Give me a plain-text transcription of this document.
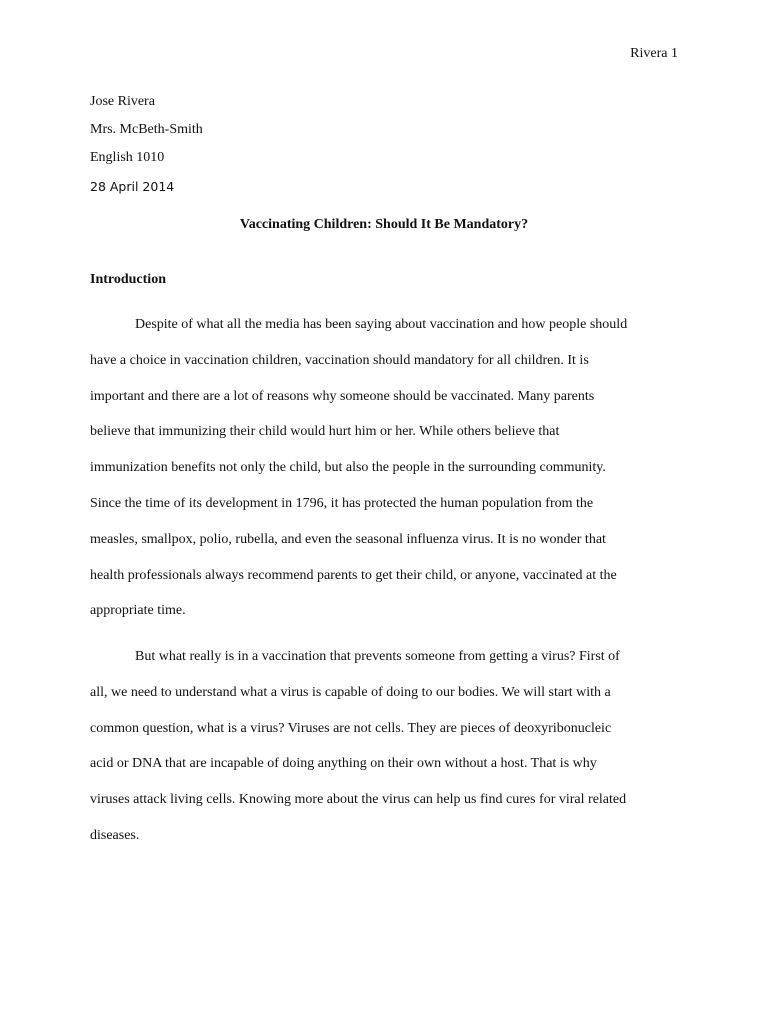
Rivera 1
Jose Rivera
Mrs. McBeth-Smith
English 1010
28 April 2014
Vaccinating Children: Should It Be Mandatory?
Introduction
Despite of what all the media has been saying about vaccination and how people should
have a choice in vaccination children, vaccination should mandatory for all children. It is
important and there are a lot of reasons why someone should be vaccinated. Many parents
believe that immunizing their child would hurt him or her. While others believe that
immunization benefits not only the child, but also the people in the surrounding community.
Since the time of its development in 1796, it has protected the human population from the
measles, smallpox, polio, rubella, and even the seasonal influenza virus. It is no wonder that
health professionals always recommend parents to get their child, or anyone, vaccinated at the
appropriate time.
But what really is in a vaccination that prevents someone from getting a virus? First of
all, we need to understand what a virus is capable of doing to our bodies. We will start with a
common question, what is a virus? Viruses are not cells. They are pieces of deoxyribonucleic
acid or DNA that are incapable of doing anything on their own without a host. That is why
viruses attack living cells. Knowing more about the virus can help us find cures for viral related
diseases.
